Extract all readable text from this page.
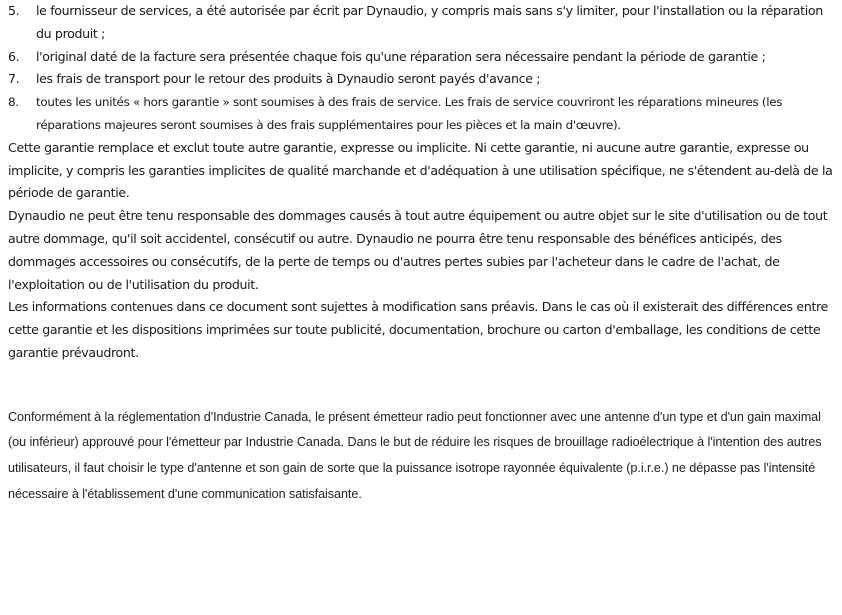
5. le fournisseur de services, a été autorisée par écrit par Dynaudio, y compris mais sans s'y limiter, pour l'installation ou la réparation du produit ;
6. l'original daté de la facture sera présentée chaque fois qu'une réparation sera nécessaire pendant la période de garantie ;
7. les frais de transport pour le retour des produits à Dynaudio seront payés d'avance ;
8. toutes les unités « hors garantie » sont soumises à des frais de service. Les frais de service couvriront les réparations mineures (les réparations majeures seront soumises à des frais supplémentaires pour les pièces et la main d'œuvre).

Cette garantie remplace et exclut toute autre garantie, expresse ou implicite. Ni cette garantie, ni aucune autre garantie, expresse ou implicite, y compris les garanties implicites de qualité marchande et d'adéquation à une utilisation spécifique, ne s'étendent au-delà de la période de garantie.

Dynaudio ne peut être tenu responsable des dommages causés à tout autre équipement ou autre objet sur le site d'utilisation ou de tout autre dommage, qu'il soit accidentel, consécutif ou autre. Dynaudio ne pourra être tenu responsable des bénéfices anticipés, des dommages accessoires ou consécutifs, de la perte de temps ou d'autres pertes subies par l'acheteur dans le cadre de l'achat, de l'exploitation ou de l'utilisation du produit.

Les informations contenues dans ce document sont sujettes à modification sans préavis. Dans le cas où il existerait des différences entre cette garantie et les dispositions imprimées sur toute publicité, documentation, brochure ou carton d'emballage, les conditions de cette garantie prévaudront.

Conformément à la réglementation d'Industrie Canada, le présent émetteur radio peut fonctionner avec une antenne d'un type et d'un gain maximal (ou inférieur) approuvé pour l'émetteur par Industrie Canada. Dans le but de réduire les risques de brouillage radioélectrique à l'intention des autres utilisateurs, il faut choisir le type d'antenne et son gain de sorte que la puissance isotrope rayonnée équivalente (p.i.r.e.) ne dépasse pas l'intensité nécessaire à l'établissement d'une communication satisfaisante.
